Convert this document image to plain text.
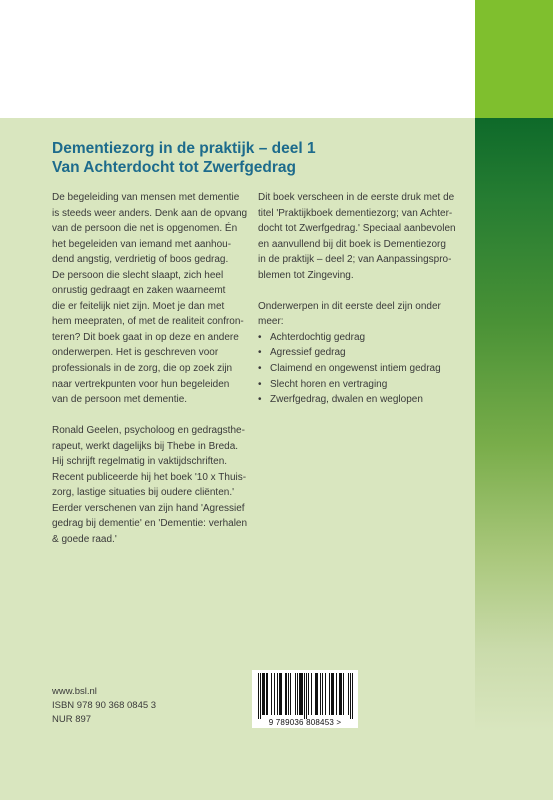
Dementiezorg in de praktijk – deel 1
Van Achterdocht tot Zwerfgedrag
De begeleiding van mensen met dementie
is steeds weer anders. Denk aan de opvang
van de persoon die net is opgenomen. Én
het begeleiden van iemand met aanhou-
dend angstig, verdrietig of boos gedrag.
De persoon die slecht slaapt, zich heel
onrustig gedraagt en zaken waarneemt
die er feitelijk niet zijn. Moet je dan met
hem meepraten, of met de realiteit confron-
teren? Dit boek gaat in op deze en andere
onderwerpen. Het is geschreven voor
professionals in de zorg, die op zoek zijn
naar vertrekpunten voor hun begeleiden
van de persoon met dementie.
Ronald Geelen, psycholoog en gedragsthe-
rapeut, werkt dagelijks bij Thebe in Breda.
Hij schrijft regelmatig in vaktijdschriften.
Recent publiceerde hij het boek '10 x Thuis-
zorg, lastige situaties bij oudere cliënten.'
Eerder verschenen van zijn hand 'Agressief
gedrag bij dementie' en 'Dementie: verhalen
& goede raad.'
Dit boek verscheen in de eerste druk met de
titel 'Praktijkboek dementiezorg; van Achter-
docht tot Zwerfgedrag.' Speciaal aanbevolen
en aanvullend bij dit boek is Dementiezorg
in de praktijk – deel 2; van Aanpassingspro-
blemen tot Zingeving.
Onderwerpen in dit eerste deel zijn onder
meer:
• Achterdochtig gedrag
• Agressief gedrag
• Claimend en ongewenst intiem gedrag
• Slecht horen en vertraging
• Zwerfgedrag, dwalen en weglopen
www.bsl.nl
ISBN 978 90 368 0845 3
NUR 897	9 789036 808453 >
